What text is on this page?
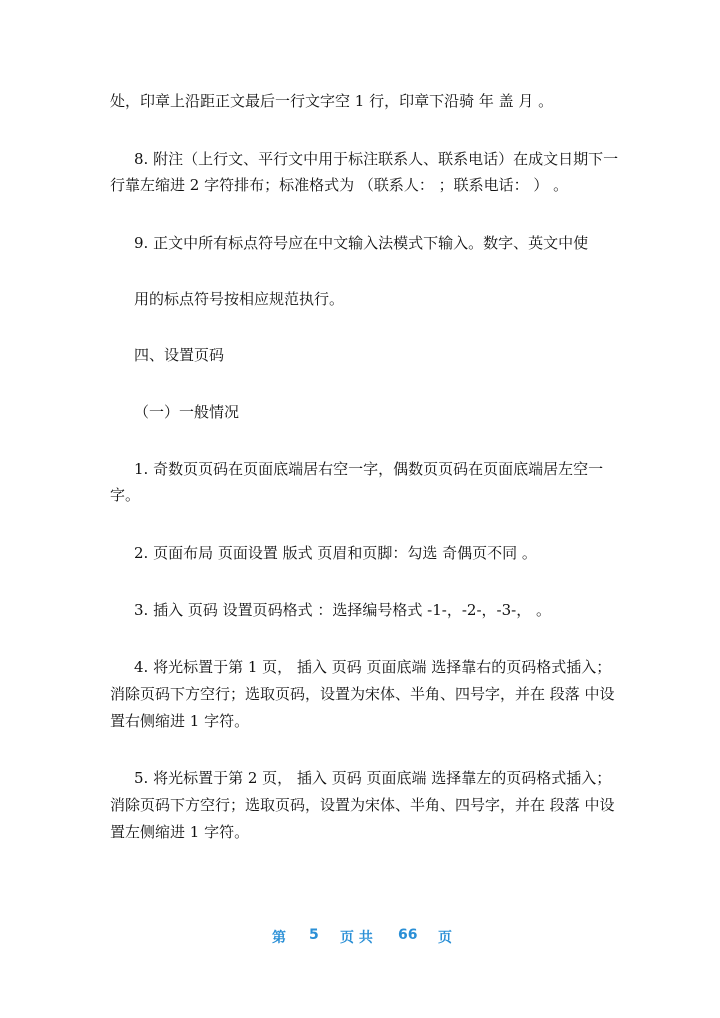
处，印章上沿距正文最后一行文字空 1 行，印章下沿骑 年 盖 月 。
8. 附注（上行文、平行文中用于标注联系人、联系电话）在成文日期下一
行靠左缩进 2 字符排布；标准格式为 （联系人： ；联系电话： ） 。
9. 正文中所有标点符号应在中文输入法模式下输入。数字、英文中使
用的标点符号按相应规范执行。
四、设置页码
（一）一般情况
1. 奇数页页码在页面底端居右空一字，偶数页页码在页面底端居左空一
字。
2. 页面布局 页面设置 版式 页眉和页脚：勾选 奇偶页不同 。
3. 插入 页码 设置页码格式 ：选择编号格式 -1-，-2-，-3-， 。
4. 将光标置于第 1 页， 插入 页码 页面底端 选择靠右的页码格式插入；
消除页码下方空行；选取页码，设置为宋体、半角、四号字，并在 段落 中设
置右侧缩进 1 字符。
5. 将光标置于第 2 页， 插入 页码 页面底端 选择靠左的页码格式插入；
消除页码下方空行；选取页码，设置为宋体、半角、四号字，并在 段落 中设
置左侧缩进 1 字符。
第 5 页 共 66 页
